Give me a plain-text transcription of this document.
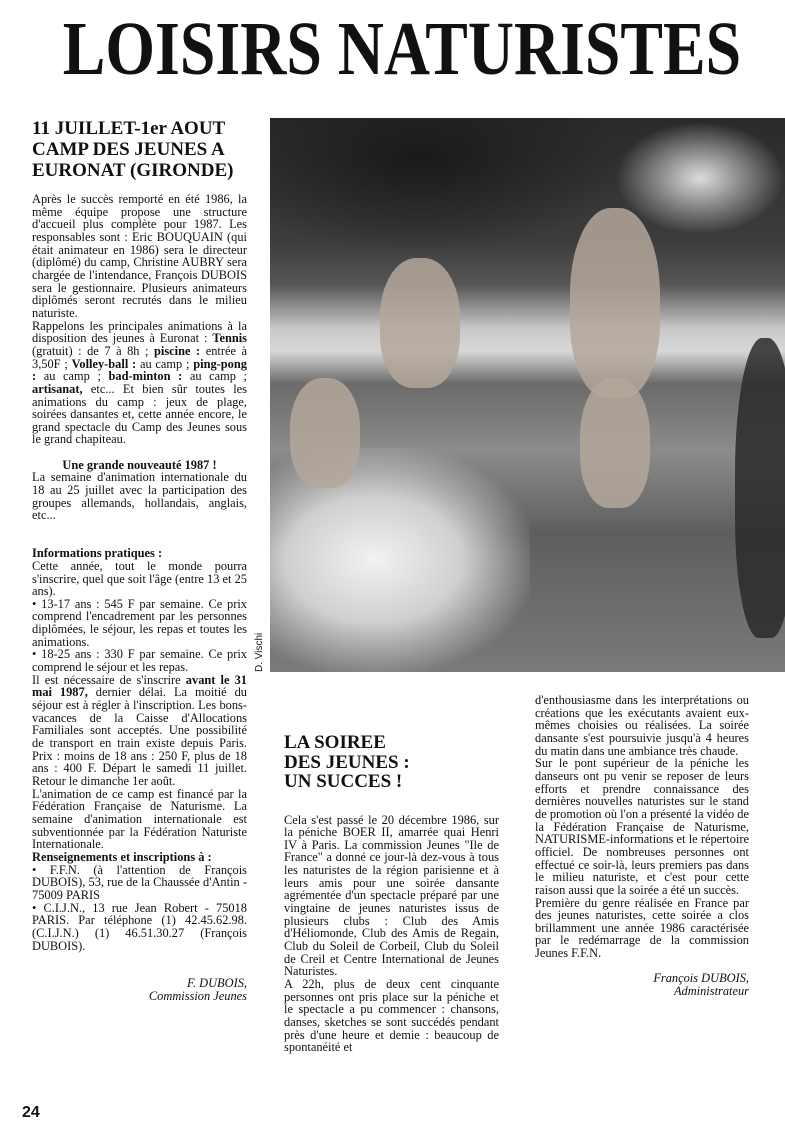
LOISIRS NATURISTES
11 JUILLET-1er AOUT
CAMP DES JEUNES A
EURONAT (GIRONDE)

Après le succès remporté en été 1986, la même équipe propose une structure d'accueil plus complète pour 1987. Les responsables sont : Eric BOUQUAIN (qui était animateur en 1986) sera le directeur (diplômé) du camp, Christine AUBRY sera chargée de l'intendance, François DUBOIS sera le gestionnaire. Plusieurs animateurs diplômés seront recrutés dans le milieu naturiste.

Rappelons les principales animations à la disposition des jeunes à Euronat : Tennis (gratuit) : de 7 à 8h ; piscine : entrée à 3,50F ; Volley-ball : au camp ; ping-pong : au camp ; bad-minton : au camp ; artisanat, etc... Et bien sûr toutes les animations du camp : jeux de plage, soirées dansantes et, cette année encore, le grand spectacle du Camp des Jeunes sous le grand chapiteau.

Une grande nouveauté 1987 !

La semaine d'animation internationale du 18 au 25 juillet avec la participation des groupes allemands, hollandais, anglais, etc...

Informations pratiques :

Cette année, tout le monde pourra s'inscrire, quel que soit l'âge (entre 13 et 25 ans).

• 13-17 ans : 545 F par semaine. Ce prix comprend l'encadrement par les personnes diplômées, le séjour, les repas et toutes les animations.

• 18-25 ans : 330 F par semaine. Ce prix comprend le séjour et les repas.

Il est nécessaire de s'inscrire avant le 31 mai 1987, dernier délai. La moitié du séjour est à régler à l'inscription. Les bons-vacances de la Caisse d'Allocations Familiales sont acceptés. Une possibilité de transport en train existe depuis Paris. Prix : moins de 18 ans : 250 F, plus de 18 ans : 400 F. Départ le samedi 11 juillet. Retour le dimanche 1er août.

L'animation de ce camp est financé par la Fédération Française de Naturisme. La semaine d'animation internationale est subventionnée par la Fédération Naturiste Internationale.

Renseignements et inscriptions à :

• F.F.N. (à l'attention de François DUBOIS), 53, rue de la Chaussée d'Antin - 75009 PARIS

• C.I.J.N., 13 rue Jean Robert - 75018 PARIS. Par téléphone (1) 42.45.62.98. (C.I.J.N.) (1) 46.51.30.27 (François DUBOIS).

F. DUBOIS,

Commission Jeunes

D. Vischi
LA SOIREE
DES JEUNES :
UN SUCCES !

Cela s'est passé le 20 décembre 1986, sur la péniche BOER II, amarrée quai Henri IV à Paris. La commission Jeunes "Ile de France" a donné ce jour-là dez-vous à tous les naturistes de la région parisienne et à leurs amis pour une soirée dansante agrémentée d'un spectacle préparé par une vingtaine de jeunes naturistes issus de plusieurs clubs : Club des Amis d'Héliomonde, Club des Amis de Regain, Club du Soleil de Corbeil, Club du Soleil de Creil et Centre International de Jeunes Naturistes.

A 22h, plus de deux cent cinquante personnes ont pris place sur la péniche et le spectacle a pu commencer : chansons, danses, sketches se sont succédés pendant près d'une heure et demie : beaucoup de spontanéité et

d'enthousiasme dans les interprétations ou créations que les exécutants avaient eux-mêmes choisies ou réalisées. La soirée dansante s'est poursuivie jusqu'à 4 heures du matin dans une ambiance très chaude.

Sur le pont supérieur de la péniche les danseurs ont pu venir se reposer de leurs efforts et prendre connaissance des dernières nouvelles naturistes sur le stand de promotion où l'on a présenté la vidéo de la Fédération Française de Naturisme, NATURISME-informations et le répertoire officiel. De nombreuses personnes ont effectué ce soir-là, leurs premiers pas dans le milieu naturiste, et c'est pour cette raison aussi que la soirée a été un succès.

Première du genre réalisée en France par des jeunes naturistes, cette soirée a clos brillamment une année 1986 caractérisée par le redémarrage de la commission Jeunes F.F.N.

François DUBOIS,

Administrateur

24
